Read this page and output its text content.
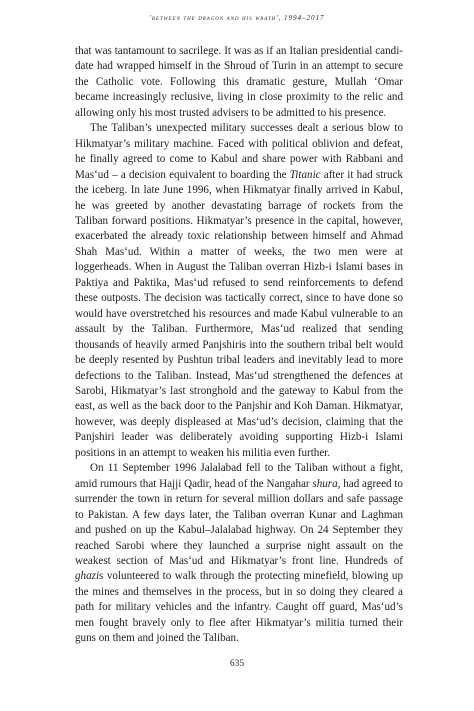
'between the dragon and his wrath', 1994–2017

that was tantamount to sacrilege. It was as if an Italian presidential candidate had wrapped himself in the Shroud of Turin in an attempt to secure the Catholic vote. Following this dramatic gesture, Mullah ‘Omar became increasingly reclusive, living in close proximity to the relic and allowing only his most trusted advisers to be admitted to his presence.

The Taliban’s unexpected military successes dealt a serious blow to Hikmatyar’s military machine. Faced with political oblivion and defeat, he finally agreed to come to Kabul and share power with Rabbani and Mas‘ud – a decision equivalent to boarding the Titanic after it had struck the iceberg. In late June 1996, when Hikmatyar finally arrived in Kabul, he was greeted by another devastating barrage of rockets from the Taliban forward positions. Hikmatyar’s presence in the capital, however, exacerbated the already toxic relationship between himself and Ahmad Shah Mas‘ud. Within a matter of weeks, the two men were at loggerheads. When in August the Taliban overran Hizb-i Islami bases in Paktiya and Paktika, Mas‘ud refused to send reinforcements to defend these outposts. The decision was tactically correct, since to have done so would have overstretched his resources and made Kabul vulnerable to an assault by the Taliban. Furthermore, Mas‘ud realized that sending thousands of heavily armed Panjshiris into the southern tribal belt would be deeply resented by Pushtun tribal leaders and inevitably lead to more defections to the Taliban. Instead, Mas‘ud strengthened the defences at Sarobi, Hikmatyar’s last stronghold and the gateway to Kabul from the east, as well as the back door to the Panjshir and Koh Daman. Hikmatyar, however, was deeply displeased at Mas‘ud’s decision, claiming that the Panjshiri leader was deliberately avoiding supporting Hizb-i Islami positions in an attempt to weaken his militia even further.

On 11 September 1996 Jalalabad fell to the Taliban without a fight, amid rumours that Hajji Qadir, head of the Nangahar shura, had agreed to surrender the town in return for several million dollars and safe passage to Pakistan. A few days later, the Taliban overran Kunar and Laghman and pushed on up the Kabul–Jalalabad highway. On 24 September they reached Sarobi where they launched a surprise night assault on the weakest section of Mas‘ud and Hikmatyar’s front line. Hundreds of ghazis volunteered to walk through the protecting minefield, blowing up the mines and themselves in the process, but in so doing they cleared a path for military vehicles and the infantry. Caught off guard, Mas‘ud’s men fought bravely only to flee after Hikmatyar’s militia turned their guns on them and joined the Taliban.

635
